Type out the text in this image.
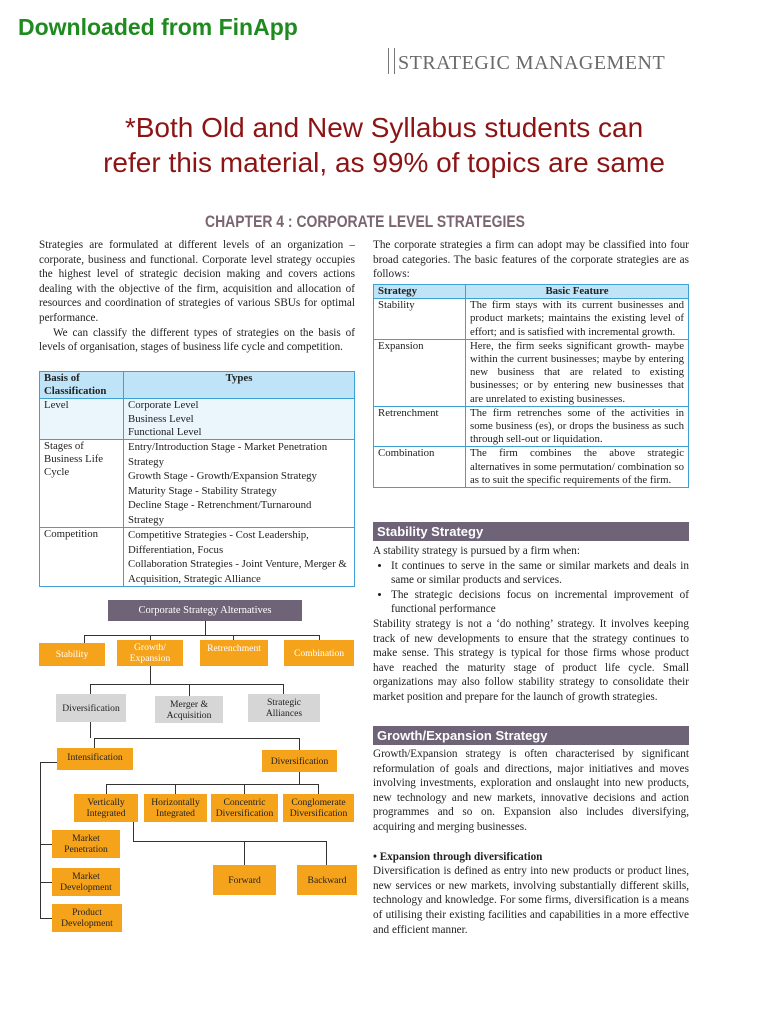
Downloaded from FinApp
STRATEGIC MANAGEMENT
*Both Old and New Syllabus students can
refer this material, as 99% of topics are same
CHAPTER 4 : CORPORATE LEVEL STRATEGIES

Strategies are formulated at different levels of an organization – corporate, business and functional. Corporate level strategy occupies the highest level of strategic decision making and covers actions dealing with the objective of the firm, acquisition and allocation of resources and coordination of strategies of various SBUs for optimal performance.

We can classify the different types of strategies on the basis of levels of organisation, stages of business life cycle and competition.

Basis of Classification	Types
Level	Corporate Level
Business Level
Functional Level

Stages of Business Life Cycle	Entry/Introduction Stage - Market Penetration Strategy
Growth Stage - Growth/Expansion Strategy
Maturity Stage - Stability Strategy
Decline Stage - Retrenchment/Turnaround Strategy

Competition	Competitive Strategies - Cost Leadership, Differentiation, Focus
Collaboration Strategies - Joint Venture, Merger & Acquisition, Strategic Alliance
Corporate Strategy Alternatives
Stability
Growth/ Expansion
Retrenchment	Combination
Diversification	Merger & Acquisition
Strategic Alliances
Intensification	Diversification
Vertically Integrated
Horizontally Integrated
Concentric Diversification
Conglomerate Diversification
Forward	Backward
Market Penetration
Market Development
Product Development
The corporate strategies a firm can adopt may be classified into four broad categories. The basic features of the corporate strategies are as follows:
Strategy	Basic Feature
Stability	The firm stays with its current businesses and product markets; maintains the existing level of effort; and is satisfied with incremental growth.
Expansion	Here, the firm seeks significant growth- maybe within the current businesses; maybe by entering new business that are related to existing businesses; or by entering new businesses that are unrelated to existing businesses.
Retrenchment	The firm retrenches some of the activities in some business (es), or drops the business as such through sell-out or liquidation.
Combination	The firm combines the above strategic alternatives in some permutation/ combination so as to suit the specific requirements of the firm.
Stability Strategy

A stability strategy is pursued by a firm when:

• It continues to serve in the same or similar markets and deals in same or similar products and services.
• The strategic decisions focus on incremental improvement of functional performance

Stability strategy is not a ‘do nothing’ strategy. It involves keeping track of new developments to ensure that the strategy continues to make sense. This strategy is typical for those firms whose product have reached the maturity stage of product life cycle. Small organizations may also follow stability strategy to consolidate their market position and prepare for the launch of growth strategies.

Growth/Expansion Strategy

Growth/Expansion strategy is often characterised by significant reformulation of goals and directions, major initiatives and moves involving investments, exploration and onslaught into new products, new technology and new markets, innovative decisions and action programmes and so on. Expansion also includes diversifying, acquiring and merging businesses.

• Expansion through diversification

Diversification is defined as entry into new products or product lines, new services or new markets, involving substantially different skills, technology and knowledge. For some firms, diversification is a means of utilising their existing facilities and capabilities in a more effective and efficient manner.
